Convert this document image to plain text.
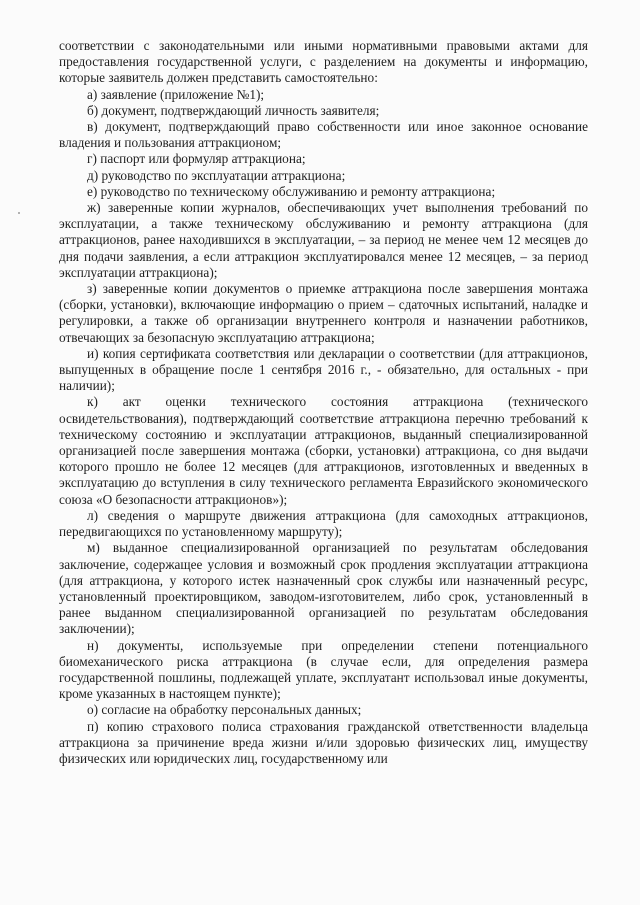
соответствии с законодательными или иными нормативными правовыми актами для предоставления государственной услуги, с разделением на документы и информацию, которые заявитель должен представить самостоятельно:

а) заявление (приложение №1);

б) документ, подтверждающий личность заявителя;

в) документ, подтверждающий право собственности или иное законное основание владения и пользования аттракционом;

г) паспорт или формуляр аттракциона;

д) руководство по эксплуатации аттракциона;

е) руководство по техническому обслуживанию и ремонту аттракциона;

ж) заверенные копии журналов, обеспечивающих учет выполнения требований по эксплуатации, а также техническому обслуживанию и ремонту аттракциона (для аттракционов, ранее находившихся в эксплуатации, – за период не менее чем 12 месяцев до дня подачи заявления, а если аттракцион эксплуатировался менее 12 месяцев, – за период эксплуатации аттракциона);

з) заверенные копии документов о приемке аттракциона после завершения монтажа (сборки, установки), включающие информацию о прием – сдаточных испытаний, наладке и регулировки, а также об организации внутреннего контроля и назначении работников, отвечающих за безопасную эксплуатацию аттракциона;

и) копия сертификата соответствия или декларации о соответствии (для аттракционов, выпущенных в обращение после 1 сентября 2016 г., - обязательно, для остальных - при наличии);

к) акт оценки технического состояния аттракциона (технического освидетельствования), подтверждающий соответствие аттракциона перечню требований к техническому состоянию и эксплуатации аттракционов, выданный специализированной организацией после завершения монтажа (сборки, установки) аттракциона, со дня выдачи которого прошло не более 12 месяцев (для аттракционов, изготовленных и введенных в эксплуатацию до вступления в силу технического регламента Евразийского экономического союза «О безопасности аттракционов»);

л) сведения о маршруте движения аттракциона (для самоходных аттракционов, передвигающихся по установленному маршруту);

м) выданное специализированной организацией по результатам обследования заключение, содержащее условия и возможный срок продления эксплуатации аттракциона (для аттракциона, у которого истек назначенный срок службы или назначенный ресурс, установленный проектировщиком, заводом-изготовителем, либо срок, установленный в ранее выданном специализированной организацией по результатам обследования заключении);

н) документы, используемые при определении степени потенциального биомеханического риска аттракциона (в случае если, для определения размера государственной пошлины, подлежащей уплате, эксплуатант использовал иные документы, кроме указанных в настоящем пункте);

о) согласие на обработку персональных данных;

п) копию страхового полиса страхования гражданской ответственности владельца аттракциона за причинение вреда жизни и/или здоровью физических лиц, имуществу физических или юридических лиц, государственному или
